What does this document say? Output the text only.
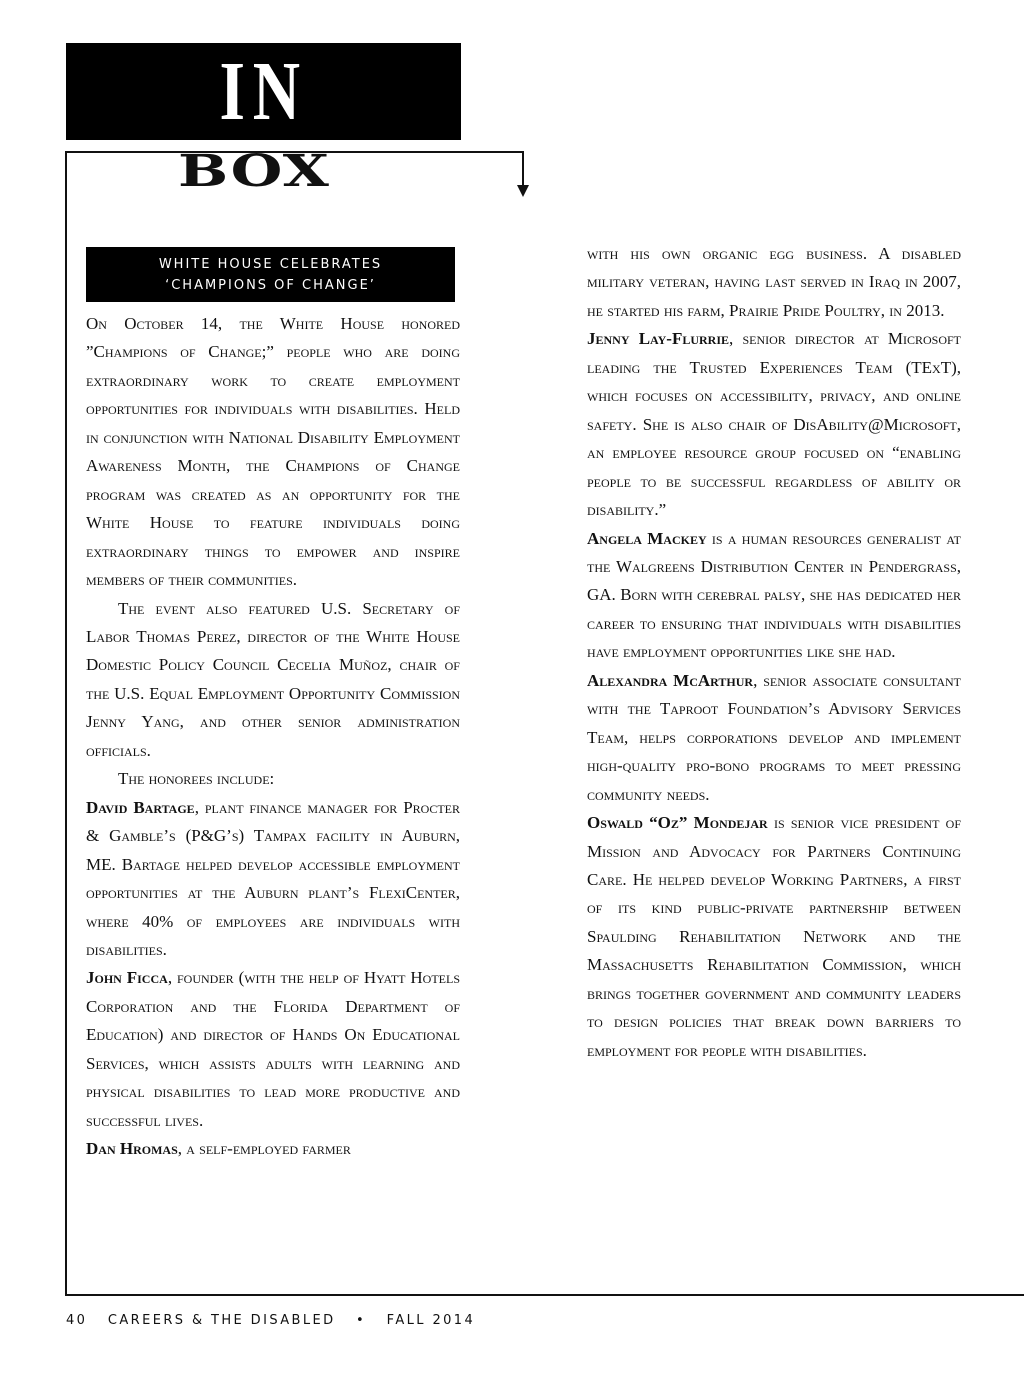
IN
BOX
WHITE HOUSE CELEBRATES
‘CHAMPIONS OF CHANGE’

On October 14, the White House honored ”Champions of Change;” people who are doing extraordinary work to create employment opportunities for individuals with disabilities. Held in conjunction with National Disability Employment Awareness Month, the Champions of Change program was created as an opportunity for the White House to feature individuals doing extraordinary things to empower and inspire members of their communities.

The event also featured U.S. Secretary of Labor Thomas Perez, director of the White House Domestic Policy Council Cecelia Muñoz, chair of the U.S. Equal Employment Opportunity Commission Jenny Yang, and other senior administration officials.

The honorees include:

David Bartage, plant finance manager for Procter & Gamble’s (P&G’s) Tampax facility in Auburn, ME. Bartage helped develop accessible employment opportunities at the Auburn plant’s FlexiCenter, where 40% of employees are individuals with disabilities.

John Ficca, founder (with the help of Hyatt Hotels Corporation and the Florida Department of Education) and director of Hands On Educational Services, which assists adults with learning and physical disabilities to lead more productive and successful lives.

Dan Hromas, a self-employed farmer

with his own organic egg business. A disabled military veteran, having last served in Iraq in 2007, he started his farm, Prairie Pride Poultry, in 2013.

Jenny Lay-Flurrie, senior director at Microsoft leading the Trusted Experiences Team (TExT), which focuses on accessibility, privacy, and online safety. She is also chair of DisAbility@Microsoft, an employee resource group focused on “enabling people to be successful regardless of ability or disability.”

Angela Mackey is a human resources generalist at the Walgreens Distribution Center in Pendergrass, GA. Born with cerebral palsy, she has dedicated her career to ensuring that individuals with disabilities have employment opportunities like she had.

Alexandra McArthur, senior associate consultant with the Taproot Foundation’s Advisory Services Team, helps corporations develop and implement high-quality pro-bono programs to meet pressing community needs.

Oswald “Oz” Mondejar is senior vice president of Mission and Advocacy for Partners Continuing Care. He helped develop Working Partners, a first of its kind public-private partnership between Spaulding Rehabilitation Network and the Massachusetts Rehabilitation Commission, which brings together government and community leaders to design policies that break down barriers to employment for people with disabilities.

40 CAREERS & THE DISABLED • FALL 2014
